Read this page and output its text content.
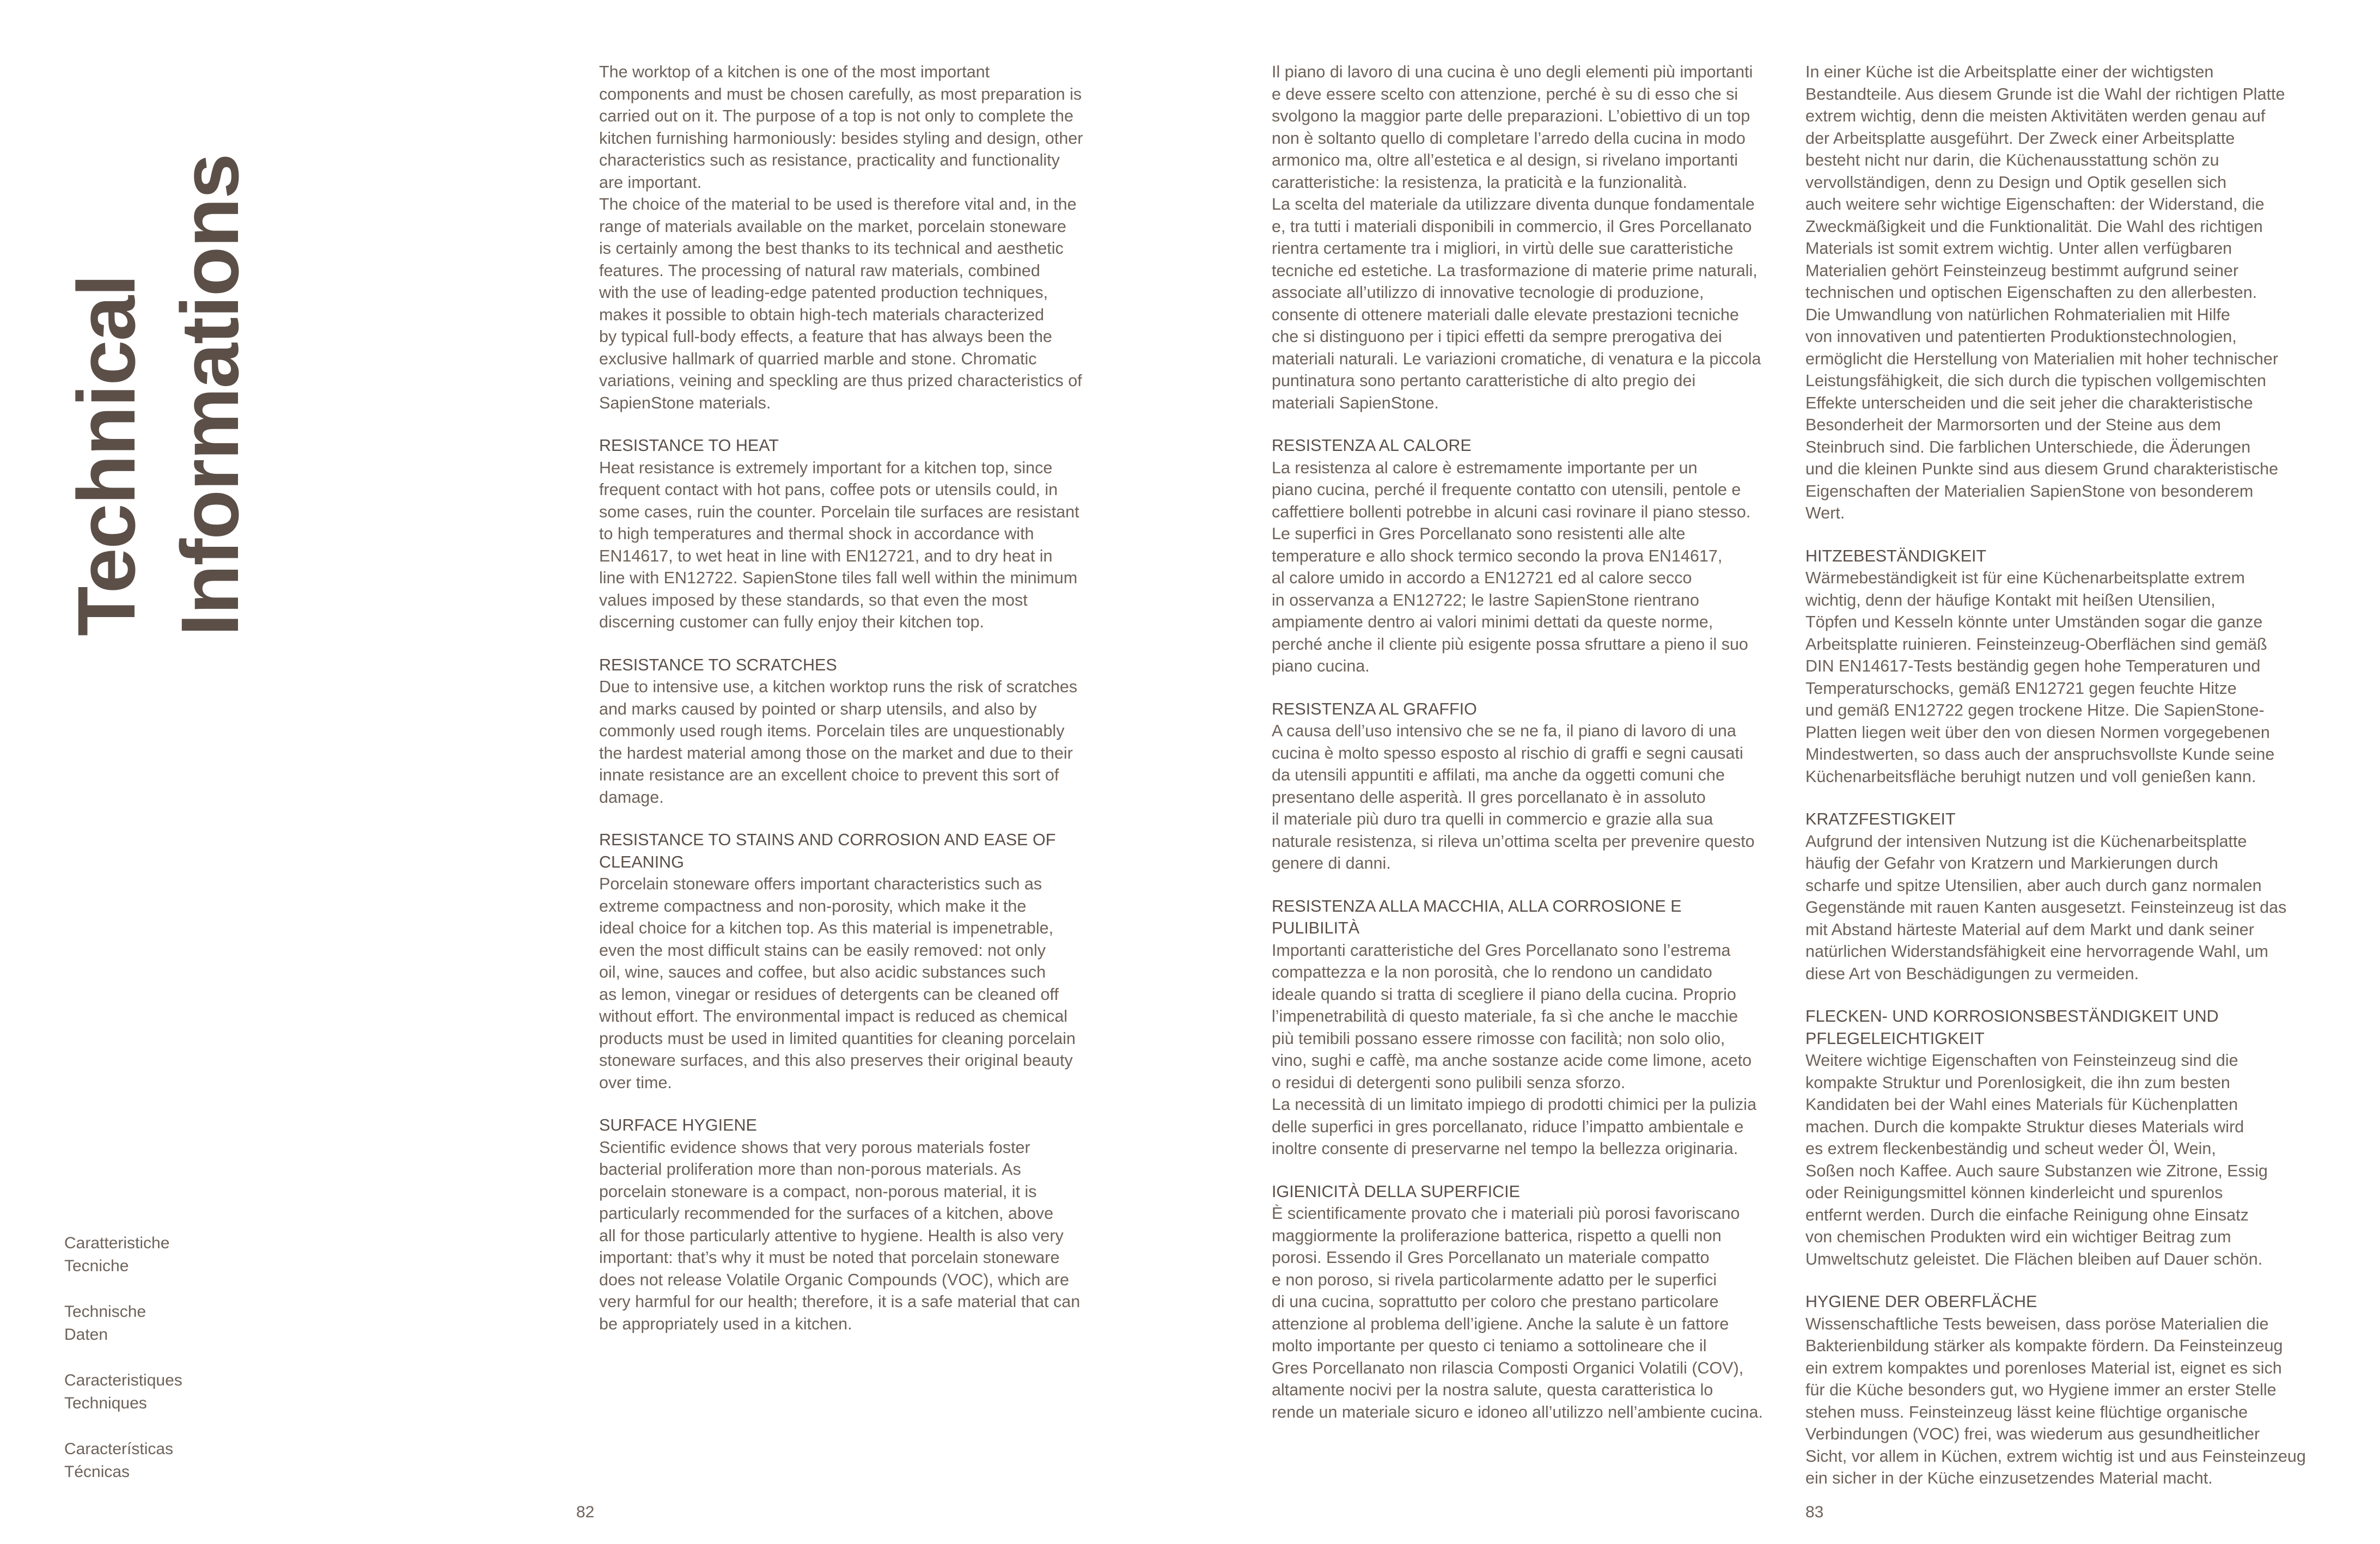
Technical Informations
Caratteristiche
Tecniche
Technische
Daten
Caracteristiques
Techniques
Características
Técnicas

The worktop of a kitchen is one of the most important
components and must be chosen carefully, as most preparation is
carried out on it. The purpose of a top is not only to complete the
kitchen furnishing harmoniously: besides styling and design, other
characteristics such as resistance, practicality and functionality
are important.
The choice of the material to be used is therefore vital and, in the
range of materials available on the market, porcelain stoneware
is certainly among the best thanks to its technical and aesthetic
features. The processing of natural raw materials, combined
with the use of leading-edge patented production techniques,
makes it possible to obtain high-tech materials characterized
by typical full-body effects, a feature that has always been the
exclusive hallmark of quarried marble and stone. Chromatic
variations, veining and speckling are thus prized characteristics of
SapienStone materials.

RESISTANCE TO HEAT

Heat resistance is extremely important for a kitchen top, since
frequent contact with hot pans, coffee pots or utensils could, in
some cases, ruin the counter. Porcelain tile surfaces are resistant
to high temperatures and thermal shock in accordance with
EN14617, to wet heat in line with EN12721, and to dry heat in
line with EN12722. SapienStone tiles fall well within the minimum
values imposed by these standards, so that even the most
discerning customer can fully enjoy their kitchen top.

RESISTANCE TO SCRATCHES

Due to intensive use, a kitchen worktop runs the risk of scratches
and marks caused by pointed or sharp utensils, and also by
commonly used rough items. Porcelain tiles are unquestionably
the hardest material among those on the market and due to their
innate resistance are an excellent choice to prevent this sort of
damage.

RESISTANCE TO STAINS AND CORROSION AND EASE OF
CLEANING

Porcelain stoneware offers important characteristics such as
extreme compactness and non-porosity, which make it the
ideal choice for a kitchen top. As this material is impenetrable,
even the most difficult stains can be easily removed: not only
oil, wine, sauces and coffee, but also acidic substances such
as lemon, vinegar or residues of detergents can be cleaned off
without effort. The environmental impact is reduced as chemical
products must be used in limited quantities for cleaning porcelain
stoneware surfaces, and this also preserves their original beauty
over time.

SURFACE HYGIENE

Scientific evidence shows that very porous materials foster
bacterial proliferation more than non-porous materials. As
porcelain stoneware is a compact, non-porous material, it is
particularly recommended for the surfaces of a kitchen, above
all for those particularly attentive to hygiene. Health is also very
important: that’s why it must be noted that porcelain stoneware
does not release Volatile Organic Compounds (VOC), which are
very harmful for our health; therefore, it is a safe material that can
be appropriately used in a kitchen.

82

Il piano di lavoro di una cucina è uno degli elementi più importanti
e deve essere scelto con attenzione, perché è su di esso che si
svolgono la maggior parte delle preparazioni. L’obiettivo di un top
non è soltanto quello di completare l’arredo della cucina in modo
armonico ma, oltre all’estetica e al design, si rivelano importanti
caratteristiche: la resistenza, la praticità e la funzionalità.
La scelta del materiale da utilizzare diventa dunque fondamentale
e, tra tutti i materiali disponibili in commercio, il Gres Porcellanato
rientra certamente tra i migliori, in virtù delle sue caratteristiche
tecniche ed estetiche. La trasformazione di materie prime naturali,
associate all’utilizzo di innovative tecnologie di produzione,
consente di ottenere materiali dalle elevate prestazioni tecniche
che si distinguono per i tipici effetti da sempre prerogativa dei
materiali naturali. Le variazioni cromatiche, di venatura e la piccola
puntinatura sono pertanto caratteristiche di alto pregio dei
materiali SapienStone.

RESISTENZA AL CALORE

La resistenza al calore è estremamente importante per un
piano cucina, perché il frequente contatto con utensili, pentole e
caffettiere bollenti potrebbe in alcuni casi rovinare il piano stesso.
Le superfici in Gres Porcellanato sono resistenti alle alte
temperature e allo shock termico secondo la prova EN14617,
al calore umido in accordo a EN12721 ed al calore secco
in osservanza a EN12722; le lastre SapienStone rientrano
ampiamente dentro ai valori minimi dettati da queste norme,
perché anche il cliente più esigente possa sfruttare a pieno il suo
piano cucina.

RESISTENZA AL GRAFFIO

A causa dell’uso intensivo che se ne fa, il piano di lavoro di una
cucina è molto spesso esposto al rischio di graffi e segni causati
da utensili appuntiti e affilati, ma anche da oggetti comuni che
presentano delle asperità. Il gres porcellanato è in assoluto
il materiale più duro tra quelli in commercio e grazie alla sua
naturale resistenza, si rileva un’ottima scelta per prevenire questo
genere di danni.

RESISTENZA ALLA MACCHIA, ALLA CORROSIONE E
PULIBILITÀ

Importanti caratteristiche del Gres Porcellanato sono l’estrema
compattezza e la non porosità, che lo rendono un candidato
ideale quando si tratta di scegliere il piano della cucina. Proprio
l’impenetrabilità di questo materiale, fa sì che anche le macchie
più temibili possano essere rimosse con facilità; non solo olio,
vino, sughi e caffè, ma anche sostanze acide come limone, aceto
o residui di detergenti sono pulibili senza sforzo.
La necessità di un limitato impiego di prodotti chimici per la pulizia
delle superfici in gres porcellanato, riduce l’impatto ambientale e
inoltre consente di preservarne nel tempo la bellezza originaria.

IGIENICITÀ DELLA SUPERFICIE

È scientificamente provato che i materiali più porosi favoriscano
maggiormente la proliferazione batterica, rispetto a quelli non
porosi. Essendo il Gres Porcellanato un materiale compatto
e non poroso, si rivela particolarmente adatto per le superfici
di una cucina, soprattutto per coloro che prestano particolare
attenzione al problema dell’igiene. Anche la salute è un fattore
molto importante per questo ci teniamo a sottolineare che il
Gres Porcellanato non rilascia Composti Organici Volatili (COV),
altamente nocivi per la nostra salute, questa caratteristica lo
rende un materiale sicuro e idoneo all’utilizzo nell’ambiente cucina.

In einer Küche ist die Arbeitsplatte einer der wichtigsten
Bestandteile. Aus diesem Grunde ist die Wahl der richtigen Platte
extrem wichtig, denn die meisten Aktivitäten werden genau auf
der Arbeitsplatte ausgeführt. Der Zweck einer Arbeitsplatte
besteht nicht nur darin, die Küchenausstattung schön zu
vervollständigen, denn zu Design und Optik gesellen sich
auch weitere sehr wichtige Eigenschaften: der Widerstand, die
Zweckmäßigkeit und die Funktionalität. Die Wahl des richtigen
Materials ist somit extrem wichtig. Unter allen verfügbaren
Materialien gehört Feinsteinzeug bestimmt aufgrund seiner
technischen und optischen Eigenschaften zu den allerbesten.
Die Umwandlung von natürlichen Rohmaterialien mit Hilfe
von innovativen und patentierten Produktionstechnologien,
ermöglicht die Herstellung von Materialien mit hoher technischer
Leistungsfähigkeit, die sich durch die typischen vollgemischten
Effekte unterscheiden und die seit jeher die charakteristische
Besonderheit der Marmorsorten und der Steine aus dem
Steinbruch sind. Die farblichen Unterschiede, die Äderungen
und die kleinen Punkte sind aus diesem Grund charakteristische
Eigenschaften der Materialien SapienStone von besonderem
Wert.

HITZEBESTÄNDIGKEIT

Wärmebeständigkeit ist für eine Küchenarbeitsplatte extrem
wichtig, denn der häufige Kontakt mit heißen Utensilien,
Töpfen und Kesseln könnte unter Umständen sogar die ganze
Arbeitsplatte ruinieren. Feinsteinzeug-Oberflächen sind gemäß
DIN EN14617-Tests beständig gegen hohe Temperaturen und
Temperaturschocks, gemäß EN12721 gegen feuchte Hitze
und gemäß EN12722 gegen trockene Hitze. Die SapienStone-
Platten liegen weit über den von diesen Normen vorgegebenen
Mindestwerten, so dass auch der anspruchsvollste Kunde seine
Küchenarbeitsfläche beruhigt nutzen und voll genießen kann.

KRATZFESTIGKEIT

Aufgrund der intensiven Nutzung ist die Küchenarbeitsplatte
häufig der Gefahr von Kratzern und Markierungen durch
scharfe und spitze Utensilien, aber auch durch ganz normalen
Gegenstände mit rauen Kanten ausgesetzt. Feinsteinzeug ist das
mit Abstand härteste Material auf dem Markt und dank seiner
natürlichen Widerstandsfähigkeit eine hervorragende Wahl, um
diese Art von Beschädigungen zu vermeiden.

FLECKEN- UND KORROSIONSBESTÄNDIGKEIT UND
PFLEGELEICHTIGKEIT

Weitere wichtige Eigenschaften von Feinsteinzeug sind die
kompakte Struktur und Porenlosigkeit, die ihn zum besten
Kandidaten bei der Wahl eines Materials für Küchenplatten
machen. Durch die kompakte Struktur dieses Materials wird
es extrem fleckenbeständig und scheut weder Öl, Wein,
Soßen noch Kaffee. Auch saure Substanzen wie Zitrone, Essig
oder Reinigungsmittel können kinderleicht und spurenlos
entfernt werden. Durch die einfache Reinigung ohne Einsatz
von chemischen Produkten wird ein wichtiger Beitrag zum
Umweltschutz geleistet. Die Flächen bleiben auf Dauer schön.

HYGIENE DER OBERFLÄCHE

Wissenschaftliche Tests beweisen, dass poröse Materialien die
Bakterienbildung stärker als kompakte fördern. Da Feinsteinzeug
ein extrem kompaktes und porenloses Material ist, eignet es sich
für die Küche besonders gut, wo Hygiene immer an erster Stelle
stehen muss. Feinsteinzeug lässt keine flüchtige organische
Verbindungen (VOC) frei, was wiederum aus gesundheitlicher
Sicht, vor allem in Küchen, extrem wichtig ist und aus Feinsteinzeug
ein sicher in der Küche einzusetzendes Material macht.

83
